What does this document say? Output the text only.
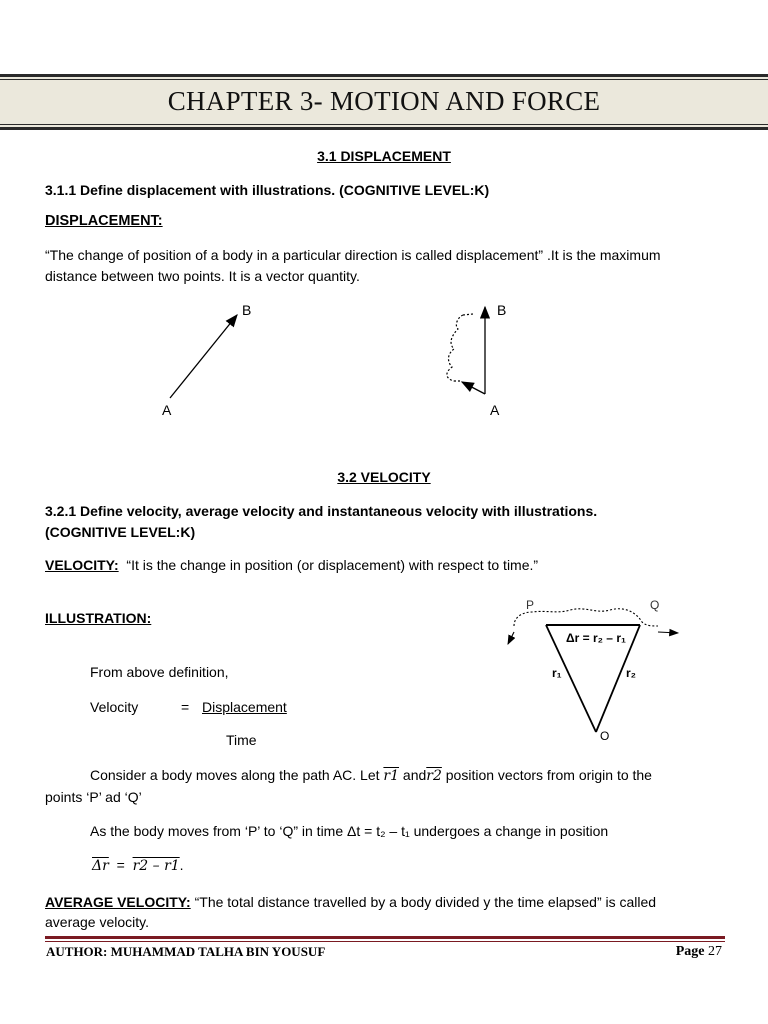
CHAPTER 3- MOTION AND FORCE
3.1 DISPLACEMENT
3.1.1 Define displacement with illustrations. (COGNITIVE LEVEL:K)
DISPLACEMENT:
“The change of position of a body in a particular direction is called displacement” .It is the maximum
distance between two points. It is a vector quantity.
A
B
A
B
3.2 VELOCITY
3.2.1 Define velocity, average velocity and instantaneous velocity with illustrations.
(COGNITIVE LEVEL:K)
VELOCITY: “It is the change in position (or displacement) with respect to time.”
ILLUSTRATION:
From above definition,
Velocity	= Displacement
Time
P	Q
Δr = r₂ – r₁
r₁	r₂
O
Consider a body moves along the path AC. Let r1 andr2 position vectors from origin to the
points ‘P’ ad ‘Q’
As the body moves from ‘P’ to ‘Q” in time Δt = t₂ – t₁ undergoes a change in position
$\overline{\Delta r} = r2 - r1$.
AVERAGE VELOCITY: “The total distance travelled by a body divided y the time elapsed” is called
average velocity.
AUTHOR: MUHAMMAD TALHA BIN YOUSUF	Page 27
